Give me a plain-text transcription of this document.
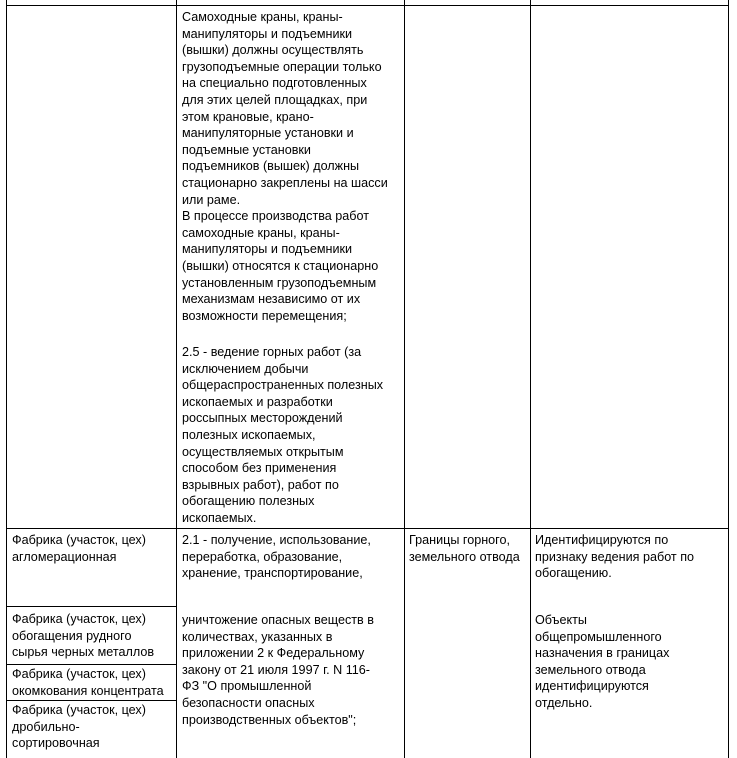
Самоходные краны, краны-
манипуляторы и подъемники
(вышки) должны осуществлять
грузоподъемные операции только
на специально подготовленных
для этих целей площадках, при
этом крановые, крано-
манипуляторные установки и
подъемные установки
подъемников (вышек) должны
стационарно закреплены на шасси
или раме.
В процессе производства работ
самоходные краны, краны-
манипуляторы и подъемники
(вышки) относятся к стационарно
установленным грузоподъемным
механизмам независимо от их
возможности перемещения;
2.5 - ведение горных работ (за
исключением добычи
общераспространенных полезных
ископаемых и разработки
россыпных месторождений
полезных ископаемых,
осуществляемых открытым
способом без применения
взрывных работ), работ по
обогащению полезных
ископаемых.
Фабрика (участок, цех)
агломерационная
Фабрика (участок, цех)
обогащения рудного
сырья черных металлов
Фабрика (участок, цех)
окомкования концентрата
Фабрика (участок, цех)
дробильно-
сортировочная
2.1 - получение, использование,
переработка, образование,
хранение, транспортирование,
уничтожение опасных веществ в
количествах, указанных в
приложении 2 к Федеральному
закону от 21 июля 1997 г. N 116-
ФЗ "О промышленной
безопасности опасных
производственных объектов";
Границы горного,
земельного отвода
Идентифицируются по
признаку ведения работ по
обогащению.
Объекты
общепромышленного
назначения в границах
земельного отвода
идентифицируются
отдельно.
